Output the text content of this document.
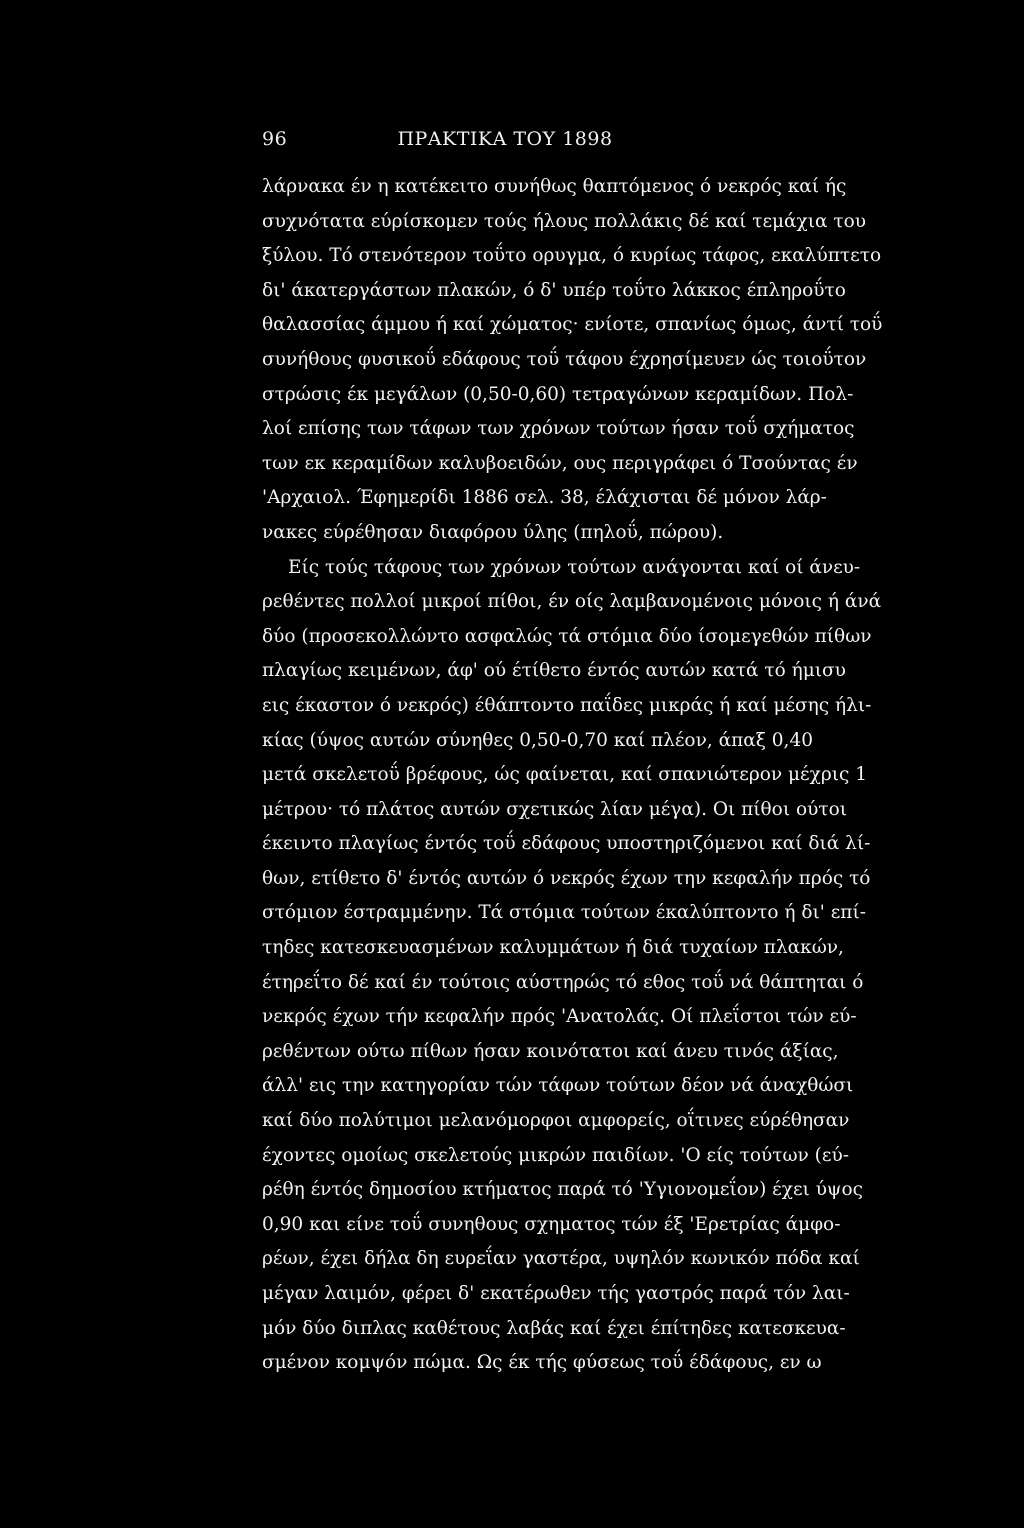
96	ΠΡΑΚΤΙΚΑ ΤΟΥ 1898
λάρνακα έν η κατέκειτο συνήθως θαπτόμενος ό νεκρός καί ής
συχνότατα εύρίσκομεν τούς ήλους πολλάκις δέ καί τεμάχια του
ξύλου. Τό στενότερον τοΰτο ορυγμα, ό κυρίως τάφος, εκαλύπτετο
δι' άκατεργάστων πλακών, ό δ' υπέρ τοΰτο λάκκος έπληροΰτο
θαλασσίας άμμου ή καί χώματος· ενίοτε, σπανίως όμως, άντί τοΰ
συνήθους φυσικοΰ εδάφους τοΰ τάφου έχρησίμευεν ώς τοιοΰτον
στρώσις έκ μεγάλων (0,50-0,60) τετραγώνων κεραμίδων. Πολ-
λοί επίσης των τάφων των χρόνων τούτων ήσαν τοΰ σχήματος
των εκ κεραμίδων καλυβοειδών, ους περιγράφει ό Τσούντας έν
'Αρχαιολ. Έφημερίδι 1886 σελ. 38, έλάχισται δέ μόνον λάρ-
νακες εύρέθησαν διαφόρου ύλης (πηλοΰ, πώρου).
Είς τούς τάφους των χρόνων τούτων ανάγονται καί οί άνευ-
ρεθέντες πολλοί μικροί πίθοι, έν οίς λαμβανομένοις μόνοις ή άνά
δύο (προσεκολλώντο ασφαλώς τά στόμια δύο ίσομεγεθών πίθων
πλαγίως κειμένων, άφ' ού έτίθετο έντός αυτών κατά τό ήμισυ
εις έκαστον ό νεκρός) έθάπτοντο παΐδες μικράς ή καί μέσης ήλι-
κίας (ύψος αυτών σύνηθες 0,50-0,70 καί πλέον, άπαξ 0,40
μετά σκελετοΰ βρέφους, ώς φαίνεται, καί σπανιώτερον μέχρις 1
μέτρου· τό πλάτος αυτών σχετικώς λίαν μέγα). Οι πίθοι ούτοι
έκειντο πλαγίως έντός τοΰ εδάφους υποστηριζόμενοι καί διά λί-
θων, ετίθετο δ' έντός αυτών ό νεκρός έχων την κεφαλήν πρός τό
στόμιον έστραμμένην. Τά στόμια τούτων έκαλύπτοντο ή δι' επί-
τηδες κατεσκευασμένων καλυμμάτων ή διά τυχαίων πλακών,
έτηρεΐτο δέ καί έν τούτοις αύστηρώς τό εθος τοΰ νά θάπτηται ό
νεκρός έχων τήν κεφαλήν πρός 'Ανατολάς. Οί πλεΐστοι τών εύ-
ρεθέντων ούτω πίθων ήσαν κοινότατοι καί άνευ τινός άξίας,
άλλ' εις την κατηγορίαν τών τάφων τούτων δέον νά άναχθώσι
καί δύο πολύτιμοι μελανόμορφοι αμφορείς, οΐτινες εύρέθησαν
έχοντες ομοίως σκελετούς μικρών παιδίων. 'Ο είς τούτων (εύ-
ρέθη έντός δημοσίου κτήματος παρά τό 'Υγιονομεΐον) έχει ύψος
0,90 και είνε τοΰ συνηθους σχηματος τών έξ 'Ερετρίας άμφο-
ρέων, έχει δήλα δη ευρεΐαν γαστέρα, υψηλόν κωνικόν πόδα καί
μέγαν λαιμόν, φέρει δ' εκατέρωθεν τής γαστρός παρά τόν λαι-
μόν δύο διπλας καθέτους λαβάς καί έχει έπίτηδες κατεσκευα-
σμένον κομψόν πώμα. Ως έκ τής φύσεως τοΰ έδάφους, εν ω
